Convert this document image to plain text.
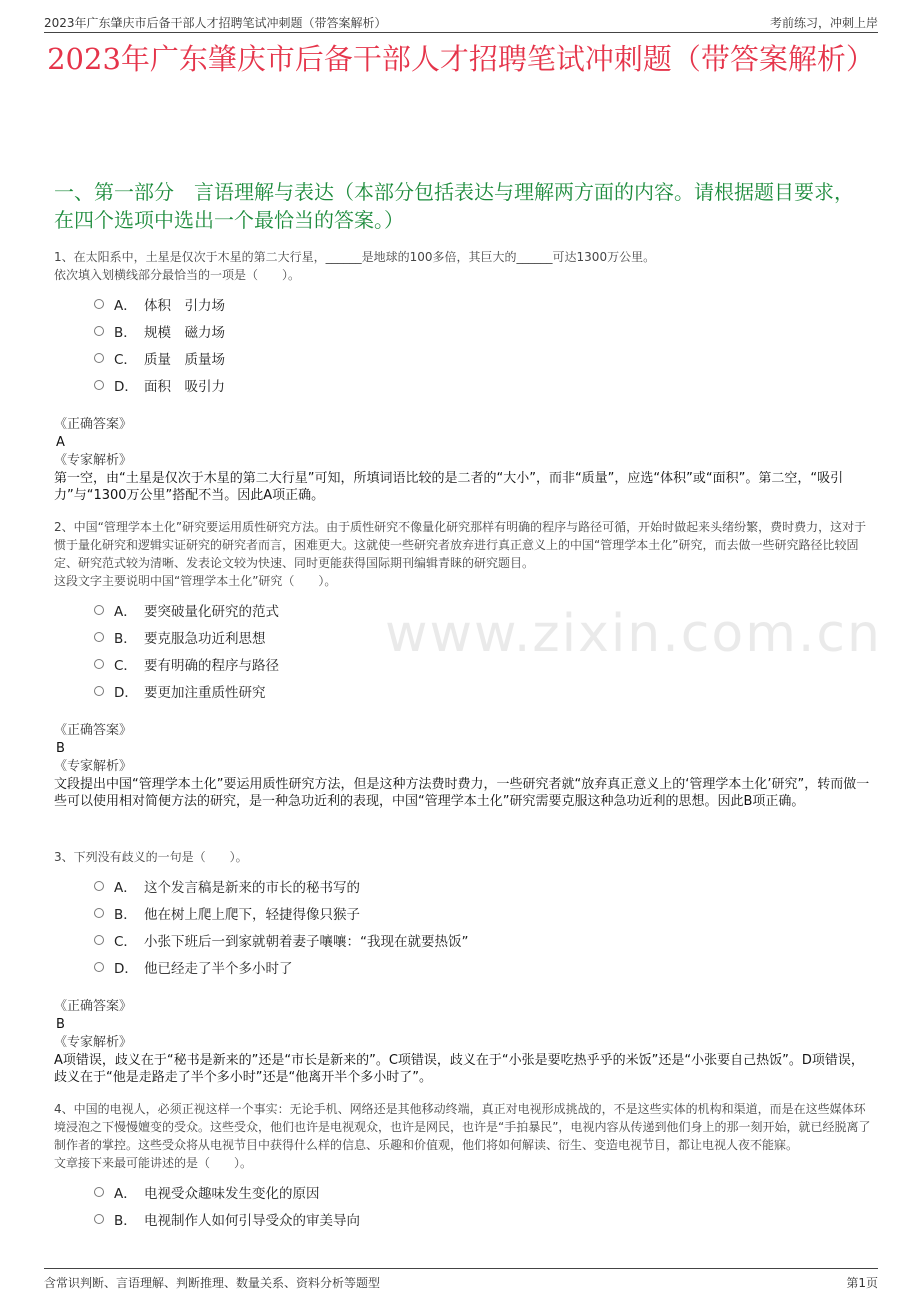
2023年广东肇庆市后备干部人才招聘笔试冲刺题（带答案解析）	考前练习，冲刺上岸
2023年广东肇庆市后备干部人才招聘笔试冲刺题（带答案解析）
一、第一部分　言语理解与表达（本部分包括表达与理解两方面的内容。请根据题目要求，在四个选项中选出一个最恰当的答案。）

1、在太阳系中，土星是仅次于木星的第二大行星，______是地球的100多倍，其巨大的______可达1300万公里。
依次填入划横线部分最恰当的一项是（　　）。

A． 体积　引力场
B． 规模　磁力场
C． 质量　质量场
D． 面积　吸引力
《正确答案》
A
《专家解析》

第一空，由“土星是仅次于木星的第二大行星”可知，所填词语比较的是二者的“大小”，而非“质量”，应选“体积”或“面积”。第二空，“吸引力”与“1300万公里”搭配不当。因此A项正确。

2、中国“管理学本土化”研究要运用质性研究方法。由于质性研究不像量化研究那样有明确的程序与路径可循，开始时做起来头绪纷繁，费时费力，这对于惯于量化研究和逻辑实证研究的研究者而言，困难更大。这就使一些研究者放弃进行真正意义上的中国“管理学本土化”研究，而去做一些研究路径比较固定、研究范式较为清晰、发表论文较为快速、同时更能获得国际期刊编辑青睐的研究题目。
这段文字主要说明中国“管理学本土化”研究（　　）。

A． 要突破量化研究的范式
B． 要克服急功近利思想
C． 要有明确的程序与路径
D． 要更加注重质性研究
《正确答案》
B
《专家解析》

文段提出中国“管理学本土化”要运用质性研究方法，但是这种方法费时费力，一些研究者就“放弃真正意义上的‘管理学本土化’研究”，转而做一些可以使用相对简便方法的研究，是一种急功近利的表现，中国“管理学本土化”研究需要克服这种急功近利的思想。因此B项正确。

3、下列没有歧义的一句是（　　）。

A． 这个发言稿是新来的市长的秘书写的
B． 他在树上爬上爬下，轻捷得像只猴子
C． 小张下班后一到家就朝着妻子嚷嚷：“我现在就要热饭”
D． 他已经走了半个多小时了
《正确答案》
B
《专家解析》

A项错误，歧义在于“秘书是新来的”还是“市长是新来的”。C项错误，歧义在于“小张是要吃热乎乎的米饭”还是“小张要自己热饭”。D项错误，歧义在于“他是走路走了半个多小时”还是“他离开半个多小时了”。

4、中国的电视人，必须正视这样一个事实：无论手机、网络还是其他移动终端，真正对电视形成挑战的，不是这些实体的机构和渠道，而是在这些媒体环境浸泡之下慢慢嬗变的受众。这些受众，他们也许是电视观众，也许是网民，也许是“手拍暴民”，电视内容从传递到他们身上的那一刻开始，就已经脱离了制作者的掌控。这些受众将从电视节目中获得什么样的信息、乐趣和价值观，他们将如何解读、衍生、变造电视节目，都让电视人夜不能寐。
文章接下来最可能讲述的是（　　）。

A． 电视受众趣味发生变化的原因
B． 电视制作人如何引导受众的审美导向
www.zixin.com.cn
含常识判断、言语理解、判断推理、数量关系、资料分析等题型	第1页
